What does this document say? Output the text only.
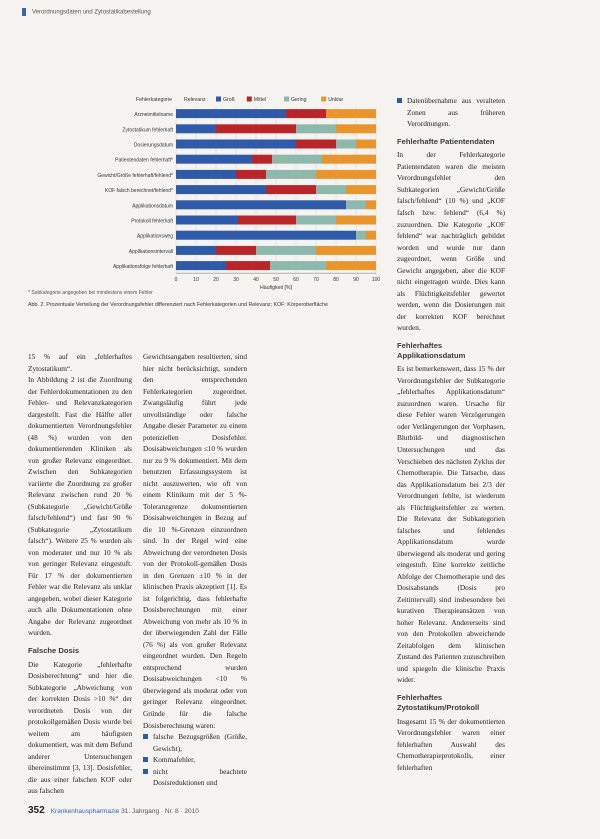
Verordnungsdaten und Zytostatikabestellung
Fehlerkategorie Relevanz	Groß	Mittel	Gering	Unklar
Arzneimittelname
Zytostatikum fehlerhaft
Dosierungsdatum
Patientendaten fehlerhaft*
Gewicht/Größe fehlerhaft/fehlend*
KOF falsch berechnet/fehlend*
Applikationsdatum
Protokoll fehlerhaft
Applikationsweg
Applikationsintervall
Applikationsfolge fehlerhaft
0	10	20	30	40	50	60	70	80	90	100
Häufigkeit [%]
* Subkategorie angegeben bei mindestens einem Fehler
Abb. 2. Prozentuale Verteilung der Verordnungsfehler differenziert nach Fehlerkategorien und Relevanz; KOF: Körperoberfläche

15 % auf ein „fehlerhaftes Zytostatikum“.

In Abbildung 2 ist die Zuordnung der Fehlerdokumentationen zu den Fehler- und Relevanzkategorien dargestellt. Fast die Hälfte aller dokumentierten Verordnungsfehler (48 %) wurden von den dokumentierenden Kliniken als von großer Relevanz eingeordnet. Zwischen den Subkategorien variierte die Zuordnung zu großer Relevanz zwischen rund 20 % (Subkategorie „Gewicht/Größe falsch/fehlend“) und fast 90 % (Subkategorie „Zytostatikum falsch“). Weitere 25 % wurden als von moderater und nur 10 % als von geringer Relevanz eingestuft. Für 17 % der dokumentierten Fehler war die Relevanz als unklar angegeben, wobei dieser Kategorie auch alle Dokumentationen ohne Angabe der Relevanz zugeordnet wurden.

Falsche Dosis

Die Kategorie „fehlerhafte Dosisberechnung“ und hier die Subkategorie „Abweichung von der korrekten Dosis >10 %“ der verordneten Dosis von der protokollgemäßen Dosis wurde bei weitem am häufigsten dokumentiert, was mit dem Befund anderer Untersuchungen übereinstimmt [3, 13]. Dosisfehler, die aus einer falschen KOF oder aus falschen

Gewichtsangaben resultierten, sind hier nicht berücksichtigt, sondern den entsprechenden Fehlerkategorien zugeordnet. Zwangsläufig führt jede unvollständige oder falsche Angabe dieser Parameter zu einem potenziellen Dosisfehler. Dosisabweichungen ≤10 % wurden nur zu 9 % dokumentiert. Mit dem benutzten Erfassungssystem ist nicht auszuwerten, wie oft von einem Klinikum mit der 5 %-Toleranzgrenze dokumentierten Dosisabweichungen in Bezug auf die 10 %-Grenzen einzuordnen sind. In der Regel wird eine Abweichung der verordneten Dosis von der Protokoll-gemäßen Dosis in den Grenzen ±10 % in der klinischen Praxis akzeptiert [1]. Es ist folgerichtig, dass fehlerhafte Dosisberechnungen mit einer Abweichung von mehr als 10 % in der überwiegenden Zahl der Fälle (76 %) als von großer Relevanz eingeordnet wurden. Den Regeln entsprechend wurden Dosisabweichungen <10 % überwiegend als moderat oder von geringer Relevanz eingeordnet. Gründe für die falsche Dosisberechnung waren:

falsche Bezugsgrößen (Größe, Gewicht),
Kommafehler,
nicht beachtete Dosisreduktionen und
Datenübernahme aus veralteten Zonen aus früheren Verordnungen.
Fehlerhafte Patientendaten

In der Fehlerkategorie Patientendaten waren die meisten Verordnungsfehler den Subkategorien „Gewicht/Größe falsch/fehlend“ (10 %) und „KOF falsch bzw. fehlend“ (6,4 %) zuzuordnen. Die Kategorie „KOF fehlend“ war nachträglich gebildet worden und wurde nur dann zugeordnet, wenn Größe und Gewicht angegeben, aber die KOF nicht eingetragen wurde. Dies kann als Flüchtigkeitsfehler gewertet werden, wenn die Dosierungen mit der korrekten KOF berechnet wurden.

Fehlerhaftes Applikationsdatum

Es ist bemerkenswert, dass 15 % der Verordnungsfehler der Subkategorie „fehlerhaftes Applikationsdatum“ zuzuordnen waren. Ursache für diese Fehler waren Verzögerungen oder Verlängerungen der Vorphasen, Blutbild- und diagnostischen Untersuchungen und das Verschieben des nächsten Zyklus der Chemotherapie. Die Tatsache, dass das Applikationsdatum bei 2/3 der Verordnungen fehlte, ist wiederum als Flüchtigkeitsfehler zu werten. Die Relevanz der Subkategorien falsches und fehlendes Applikationsdatum wurde überwiegend als moderat und gering eingestuft. Eine korrekte zeitliche Abfolge der Chemotherapie und des Dosisabstands (Dosis pro Zeitintervall) sind insbesondere bei kurativen Therapieansätzen von hoher Relevanz. Andererseits sind von den Protokollen abweichende Zeitabfolgen dem klinischen Zustand des Patienten zuzuschreiben und spiegeln die klinische Praxis wider.

Fehlerhaftes Zytostatikum/Protokoll

Insgesamt 15 % der dokumentierten Verordnungsfehler waren einer fehlerhaften Auswahl des Chemotherapieprotokolls, einer fehlerhaften

352 Krankenhauspharmazie 31. Jahrgang · Nr. 8 · 2010
